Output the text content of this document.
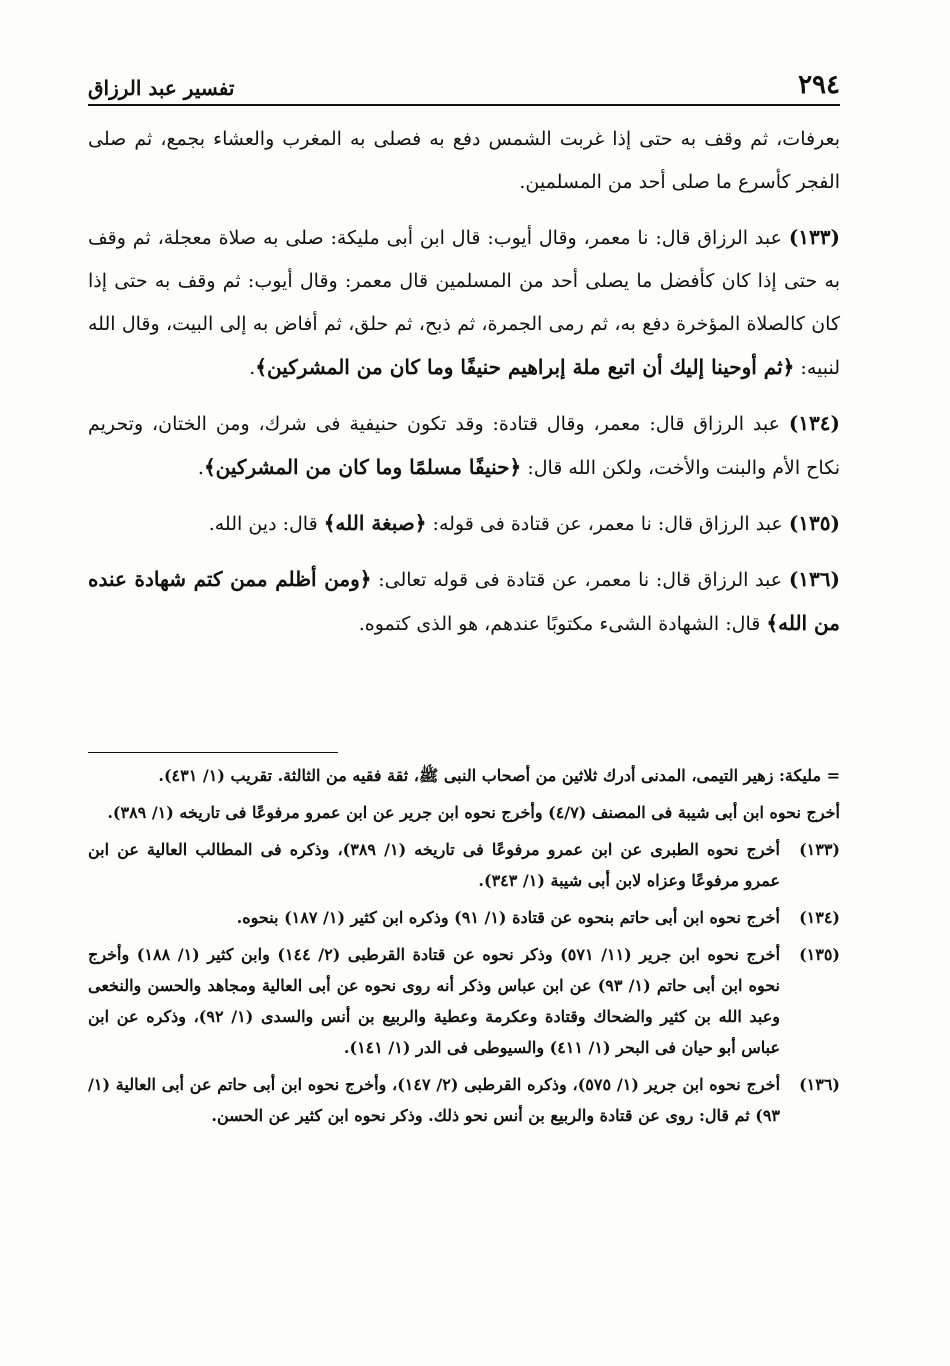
٢٩٤
تفسير عبد الرزاق

بعرفات، ثم وقف به حتى إذا غربت الشمس دفع به فصلى به المغرب والعشاء بجمع، ثم صلى الفجر كأسرع ما صلى أحد من المسلمين.

(١٣٣) عبد الرزاق قال: نا معمر، وقال أيوب: قال ابن أبى مليكة: صلى به صلاة معجلة، ثم وقف به حتى إذا كان كأفضل ما يصلى أحد من المسلمين قال معمر: وقال أيوب: ثم وقف به حتى إذا كان كالصلاة المؤخرة دفع به، ثم رمى الجمرة، ثم ذبح، ثم حلق، ثم أفاض به إلى البيت، وقال الله لنبيه: ﴿ثم أوحينا إليك أن اتبع ملة إبراهيم حنيفًا وما كان من المشركين﴾.

(١٣٤) عبد الرزاق قال: معمر، وقال قتادة: وقد تكون حنيفية فى شرك، ومن الختان، وتحريم نكاح الأم والبنت والأخت، ولكن الله قال: ﴿حنيفًا مسلمًا وما كان من المشركين﴾.

(١٣٥) عبد الرزاق قال: نا معمر، عن قتادة فى قوله: ﴿صبغة الله﴾ قال: دين الله.

(١٣٦) عبد الرزاق قال: نا معمر، عن قتادة فى قوله تعالى: ﴿ومن أظلم ممن كتم شهادة عنده من الله﴾ قال: الشهادة الشىء مكتوبًا عندهم، هو الذى كتموه.

= مليكة: زهير التيمى، المدنى أدرك ثلاثين من أصحاب النبى ﷺ، ثقة فقيه من الثالثة. تقريب (١/ ٤٣١).
أخرج نحوه ابن أبى شيبة فى المصنف (٤/٧) وأخرج نحوه ابن جرير عن ابن عمرو مرفوعًا فى تاريخه (١/ ٣٨٩).
(١٣٣)
أخرج نحوه الطبرى عن ابن عمرو مرفوعًا فى تاريخه (١/ ٣٨٩)، وذكره فى المطالب العالية عن ابن عمرو مرفوعًا وعزاه لابن أبى شيبة (١/ ٣٤٣).
(١٣٤)
أخرج نحوه ابن أبى حاتم بنحوه عن قتادة (١/ ٩١) وذكره ابن كثير (١/ ١٨٧) بنحوه.
(١٣٥)
أخرج نحوه ابن جرير (١١/ ٥٧١) وذكر نحوه عن قتادة القرطبى (٢/ ١٤٤) وابن كثير (١/ ١٨٨) وأخرج نحوه ابن أبى حاتم (١/ ٩٣) عن ابن عباس وذكر أنه روى نحوه عن أبى العالية ومجاهد والحسن والنخعى وعبد الله بن كثير والضحاك وقتادة وعكرمة وعطية والربيع بن أنس والسدى (١/ ٩٢)، وذكره عن ابن عباس أبو حيان فى البحر (١/ ٤١١) والسيوطى فى الدر (١/ ١٤١).
(١٣٦)
أخرج نحوه ابن جرير (١/ ٥٧٥)، وذكره القرطبى (٢/ ١٤٧)، وأخرج نحوه ابن أبى حاتم عن أبى العالية (١/ ٩٣) ثم قال: روى عن قتادة والربيع بن أنس نحو ذلك. وذكر نحوه ابن كثير عن الحسن.
